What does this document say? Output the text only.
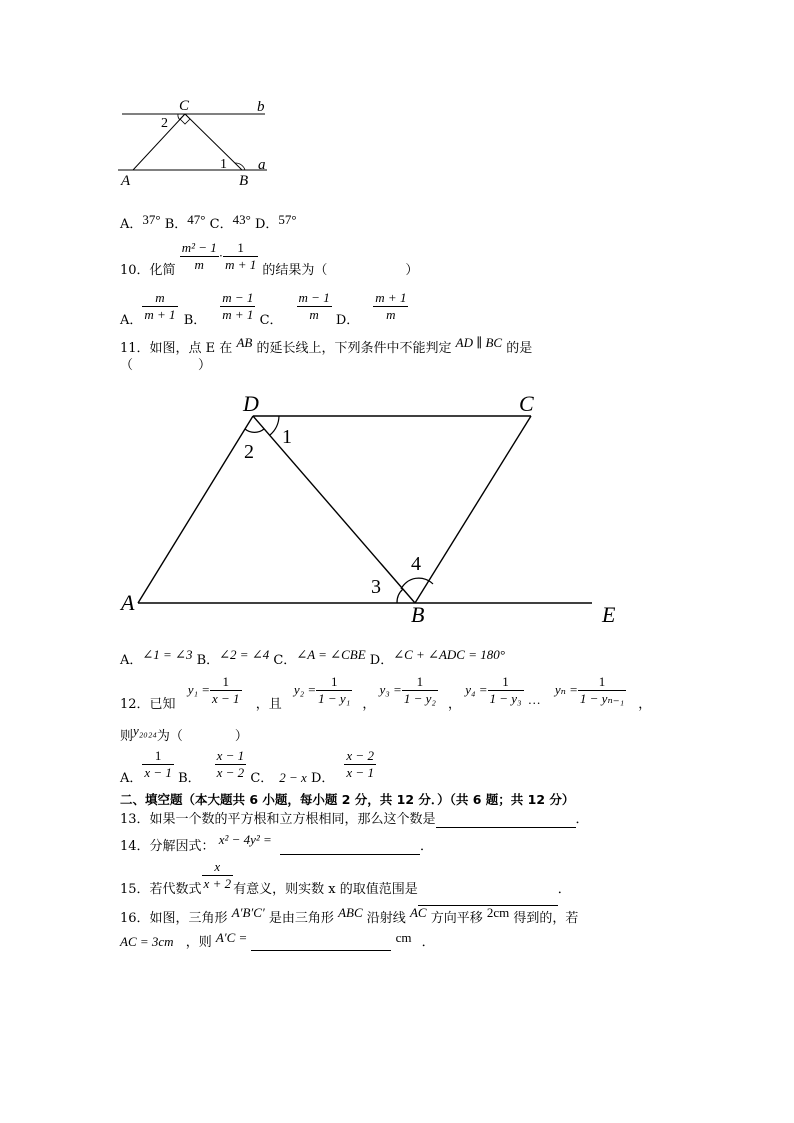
C	b
2
1 a
A	B
A．37° B．47° C．43° D．57°
10．化简 $\frac{\text{m² − 1}}{m} \cdot \frac{1}{m + 1}$ 的结果为（　　　　　　）
A． $\frac{m}{m + 1}$ B． $\frac{m - 1}{m + 1}$ C． $\frac{m - 1}{m}$ D． $\frac{m + 1}{m}$
11．如图，点 E 在 AB 的延长线上，下列条件中不能判定 AD ∥ BC 的是
（　　　　　）
D	C
1
2
4
3
A	B	E
A．∠1 = ∠3 B．∠2 = ∠4 C．∠A = ∠CBE D．∠C + ∠ADC = 180°
12．已知 $y_1 = \frac{1}{x - 1}$ ，且 $y_2 = \frac{1}{\text{1 − y₁}}$ ， $y_3 = \frac{1}{\text{1 − y₂}}$ ， $y_4 = \frac{1}{\text{1 − y₃}}$ … $y_n = \frac{1}{\text{1 − yₙ₋₁}}$ ，
则y₂₀₂₄为（　　　　）
A． $\frac{1}{x - 1}$ B． $\frac{x - 1}{x - 2}$ C． 2 − x D． $\frac{x - 2}{x - 1}$
二、填空题（本大题共 6 小题，每小题 2 分，共 12 分．）（共 6 题；共 12 分）
13．如果一个数的平方根和立方根相同，那么这个数是	．
14．分解因式： x² − 4y² =	．
15．若代数式 $\frac{x}{x + 2}$ 有意义，则实数 x 的取值范围是	．
16．如图，三角形 A′B′C′ 是由三角形 ABC 沿射线 AC 方向平移 2cm 得到的，若
AC = 3cm ，则 A′C =	cm ．
